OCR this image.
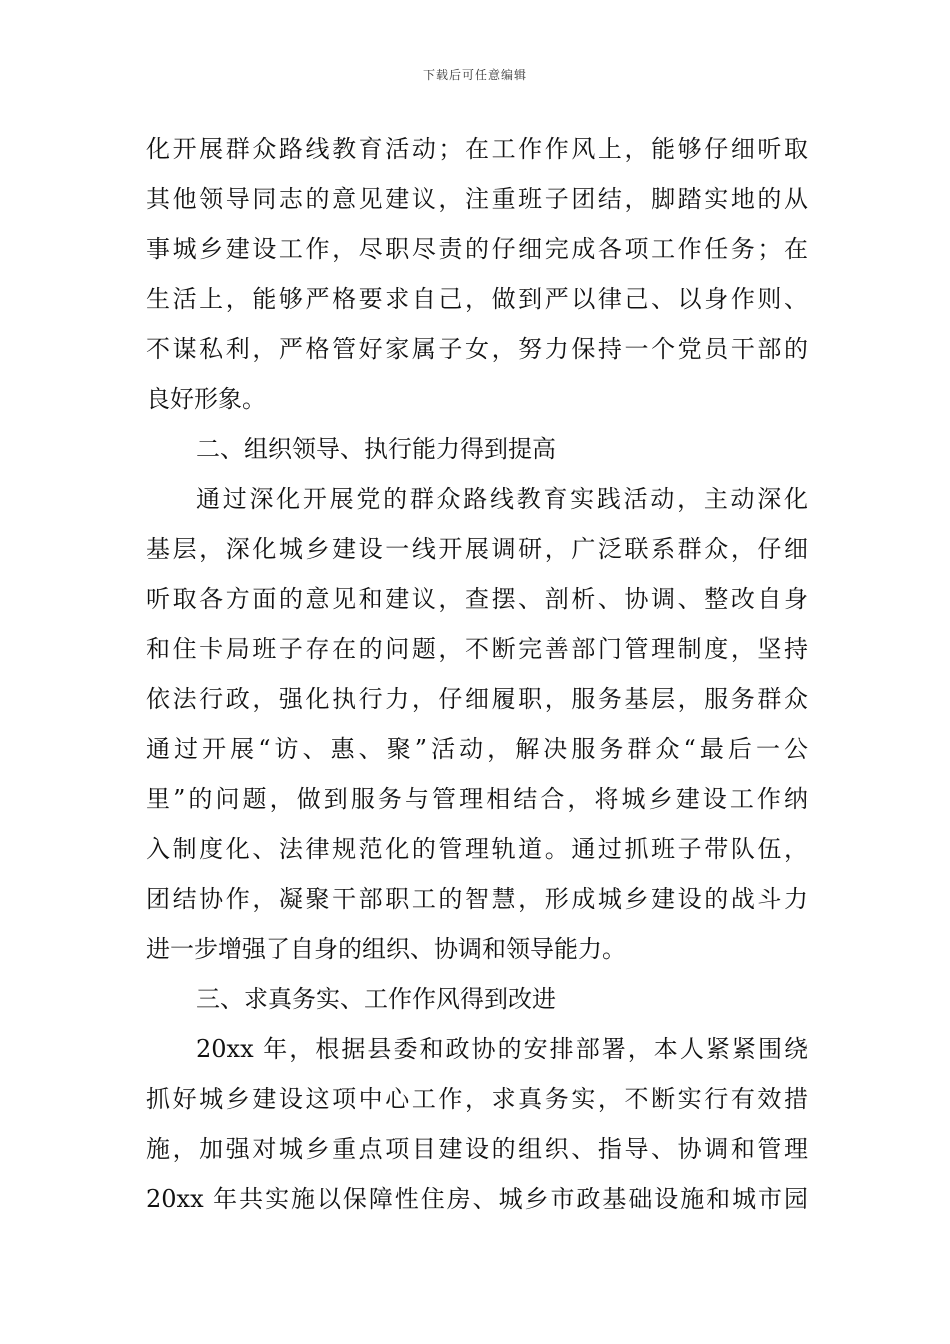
下载后可任意编辑
化开展群众路线教育活动；在工作作风上，能够仔细听取
其他领导同志的意见建议，注重班子团结，脚踏实地的从
事城乡建设工作，尽职尽责的仔细完成各项工作任务；在
生活上，能够严格要求自己，做到严以律己、以身作则、
不谋私利，严格管好家属子女，努力保持一个党员干部的
良好形象。
二、组织领导、执行能力得到提高
通过深化开展党的群众路线教育实践活动，主动深化
基层，深化城乡建设一线开展调研，广泛联系群众，仔细
听取各方面的意见和建议，查摆、剖析、协调、整改自身
和住卡局班子存在的问题，不断完善部门管理制度，坚持
依法行政，强化执行力，仔细履职，服务基层，服务群众
通过开展“访、惠、聚”活动，解决服务群众“最后一公
里”的问题，做到服务与管理相结合，将城乡建设工作纳
入制度化、法律规范化的管理轨道。通过抓班子带队伍，
团结协作，凝聚干部职工的智慧，形成城乡建设的战斗力
进一步增强了自身的组织、协调和领导能力。
三、求真务实、工作作风得到改进
20xx 年，根据县委和政协的安排部署，本人紧紧围绕
抓好城乡建设这项中心工作，求真务实，不断实行有效措
施，加强对城乡重点项目建设的组织、指导、协调和管理
20xx 年共实施以保障性住房、城乡市政基础设施和城市园
